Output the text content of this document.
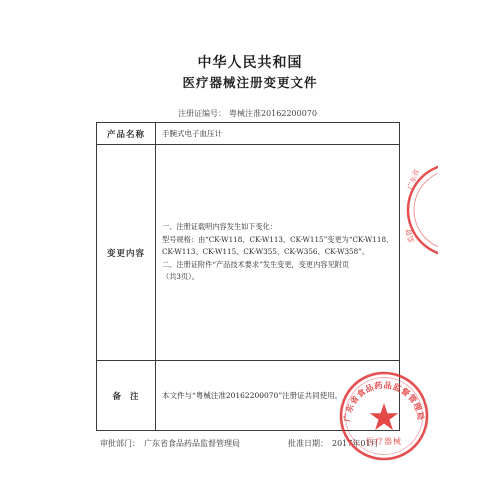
中华人民共和国
医疗器械注册变更文件
注册证编号： 粤械注准20162200070
产品名称	手腕式电子血压计
变更内容	一、注册证载明内容发生如下变化：
型号规格：由“CK-W118、CK-W113、CK-W115”变更为“CK-W118、
CK-W113、CK-W115、CK-W355、CK-W356、CK-W358”。
二、注册证附件“产品技术要求”发生变更，变更内容见附页
（共3页）。

备  注	本文件与“粤械注准20162200070”注册证共同使用。
广东省
监督
审批部门： 广东省食品药品监督管理局	批准日期： 2017年01月
广东省食品药品监督管理局
医疗器械
